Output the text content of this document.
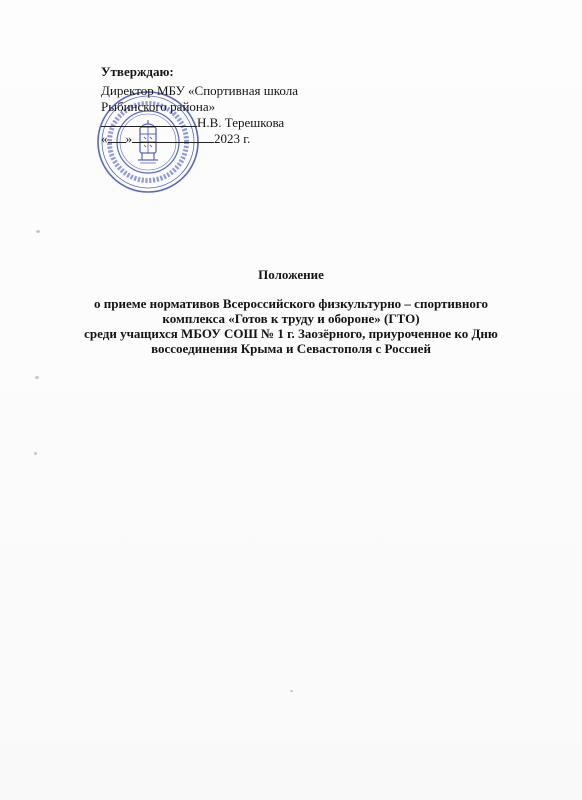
Утверждаю:
Директор МБУ «Спортивная школа
Рыбинского района»
Н.В. Терешкова
« »	2023 г.
Положение
о приеме нормативов Всероссийского физкультурно – спортивного
комплекса «Готов к труду и обороне» (ГТО)
среди учащихся МБОУ СОШ № 1 г. Заозёрного, приуроченное ко Дню
воссоединения Крыма и Севастополя с Россией
